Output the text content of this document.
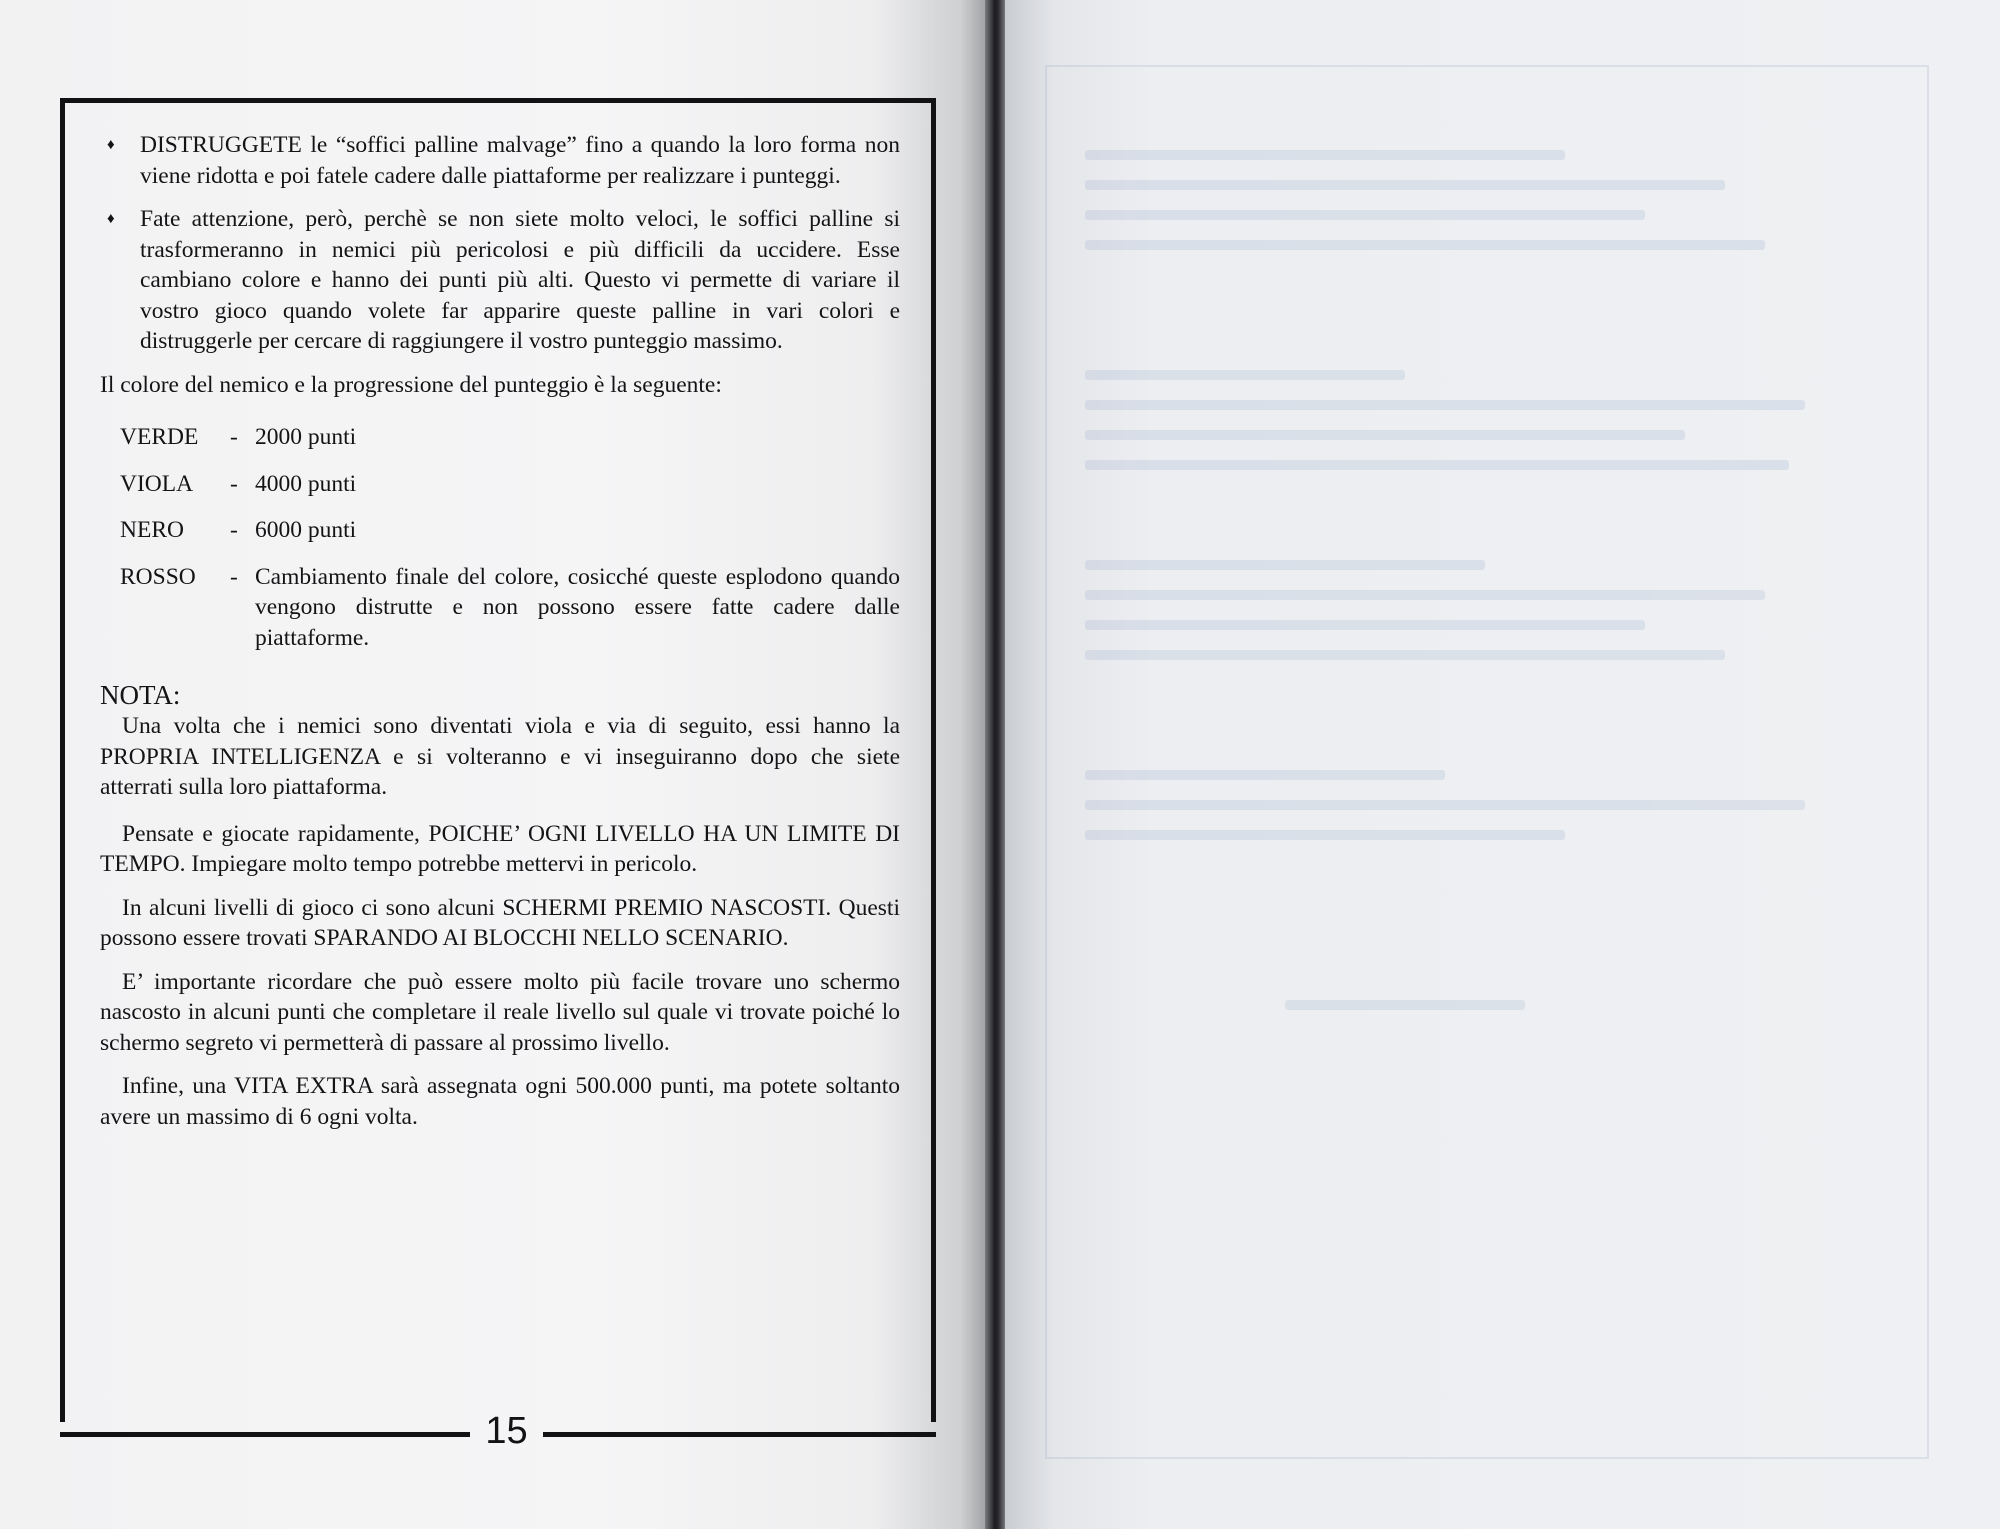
15
♦ DISTRUGGETE le “soffici palline malvage” fino a quando la loro forma non viene ridotta e poi fatele cadere dalle piattaforme per realizzare i punteggi.
♦ Fate attenzione, però, perchè se non siete molto veloci, le soffici palline si trasformeranno in nemici più pericolosi e più difficili da uccidere. Esse cambiano colore e hanno dei punti più alti. Questo vi permette di variare il vostro gioco quando volete far apparire queste palline in vari colori e distruggerle per cercare di raggiungere il vostro punteggio massimo.
Il colore del nemico e la progressione del punteggio è la seguente:
VERDE	- 2000 punti
VIOLA	- 4000 punti
NERO	- 6000 punti
ROSSO	- Cambiamento finale del colore, cosicché queste esplodono quando vengono distrutte e non possono essere fatte cadere dalle piattaforme.
NOTA:
Una volta che i nemici sono diventati viola e via di seguito, essi hanno la PROPRIA INTELLIGENZA e si volteranno e vi inseguiranno dopo che siete atterrati sulla loro piattaforma.
Pensate e giocate rapidamente, POICHE’ OGNI LIVELLO HA UN LIMITE DI TEMPO. Impiegare molto tempo potrebbe mettervi in pericolo.
In alcuni livelli di gioco ci sono alcuni SCHERMI PREMIO NASCOSTI. Questi possono essere trovati SPARANDO AI BLOCCHI NELLO SCENARIO.
E’ importante ricordare che può essere molto più facile trovare uno schermo nascosto in alcuni punti che completare il reale livello sul quale vi trovate poiché lo schermo segreto vi permetterà di passare al prossimo livello.
Infine, una VITA EXTRA sarà assegnata ogni 500.000 punti, ma potete soltanto avere un massimo di 6 ogni volta.
